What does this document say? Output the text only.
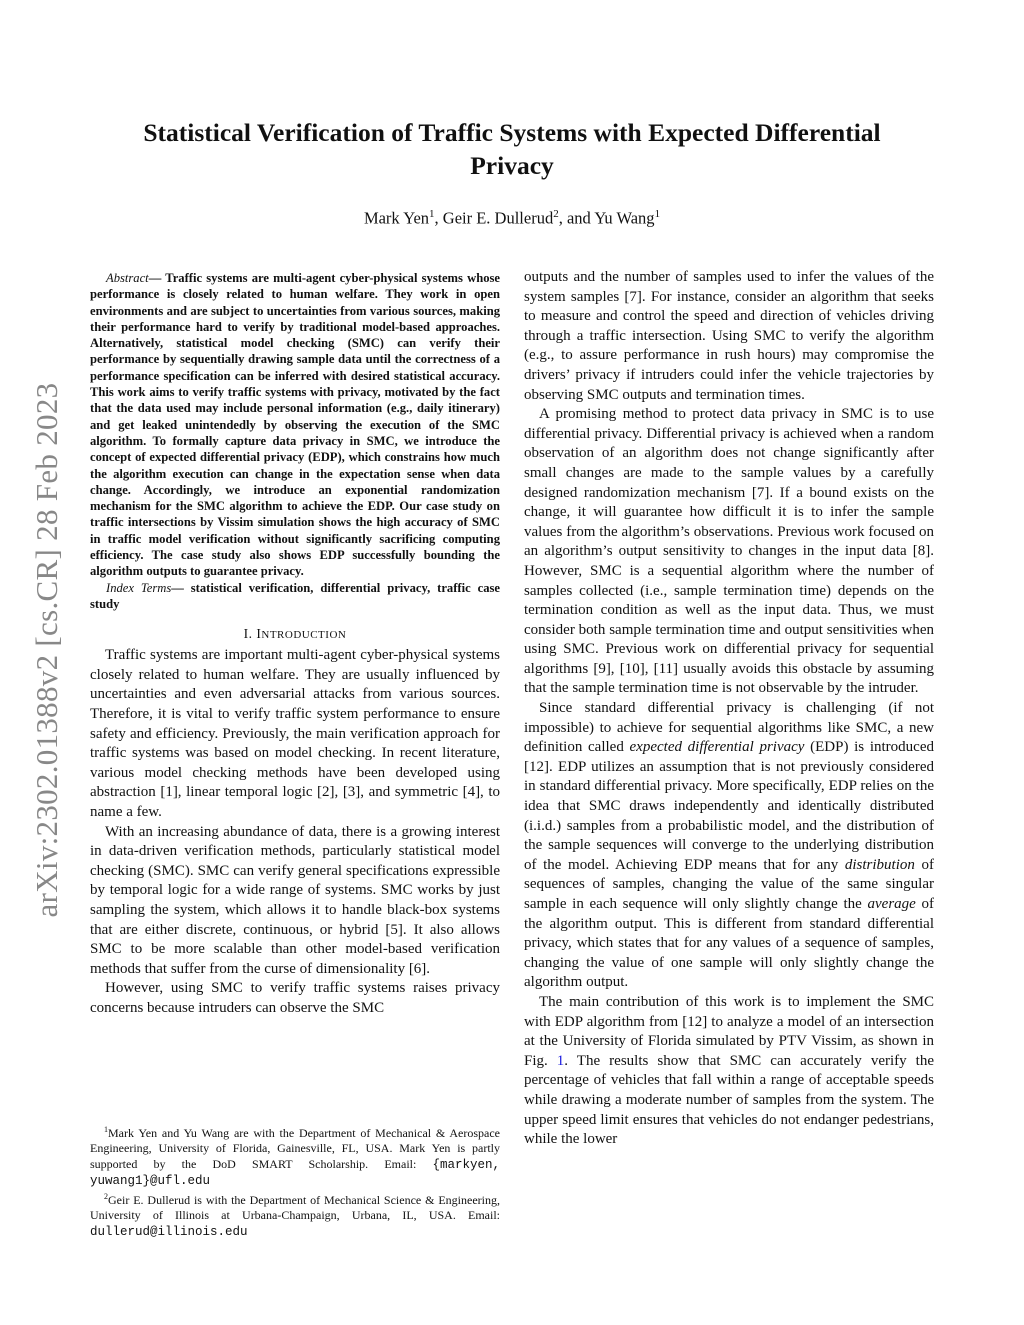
arXiv:2302.01388v2 [cs.CR] 28 Feb 2023
Statistical Verification of Traffic Systems with Expected Differential Privacy
Mark Yen$^1$, Geir E. Dullerud$^2$, and Yu Wang$^1$

Abstract— Traffic systems are multi-agent cyber-physical systems whose performance is closely related to human welfare. They work in open environments and are subject to uncertainties from various sources, making their performance hard to verify by traditional model-based approaches. Alternatively, statistical model checking (SMC) can verify their performance by sequentially drawing sample data until the correctness of a performance specification can be inferred with desired statistical accuracy. This work aims to verify traffic systems with privacy, motivated by the fact that the data used may include personal information (e.g., daily itinerary) and get leaked unintendedly by observing the execution of the SMC algorithm. To formally capture data privacy in SMC, we introduce the concept of expected differential privacy (EDP), which constrains how much the algorithm execution can change in the expectation sense when data change. Accordingly, we introduce an exponential randomization mechanism for the SMC algorithm to achieve the EDP. Our case study on traffic intersections by Vissim simulation shows the high accuracy of SMC in traffic model verification without significantly sacrificing computing efficiency. The case study also shows EDP successfully bounding the algorithm outputs to guarantee privacy.

Index Terms— statistical verification, differential privacy, traffic case study

I. INTRODUCTION

Traffic systems are important multi-agent cyber-physical systems closely related to human welfare. They are usually influenced by uncertainties and even adversarial attacks from various sources. Therefore, it is vital to verify traffic system performance to ensure safety and efficiency. Previously, the main verification approach for traffic systems was based on model checking. In recent literature, various model checking methods have been developed using abstraction [1], linear temporal logic [2], [3], and symmetric [4], to name a few.

With an increasing abundance of data, there is a growing interest in data-driven verification methods, particularly statistical model checking (SMC). SMC can verify general specifications expressible by temporal logic for a wide range of systems. SMC works by just sampling the system, which allows it to handle black-box systems that are either discrete, continuous, or hybrid [5]. It also allows SMC to be more scalable than other model-based verification methods that suffer from the curse of dimensionality [6].

However, using SMC to verify traffic systems raises privacy concerns because intruders can observe the SMC

$^1$Mark Yen and Yu Wang are with the Department of Mechanical & Aerospace Engineering, University of Florida, Gainesville, FL, USA. Mark Yen is partly supported by the DoD SMART Scholarship. Email: {markyen, yuwang1}@ufl.edu

$^2$Geir E. Dullerud is with the Department of Mechanical Science & Engineering, University of Illinois at Urbana-Champaign, Urbana, IL, USA. Email: dullerud@illinois.edu

outputs and the number of samples used to infer the values of the system samples [7]. For instance, consider an algorithm that seeks to measure and control the speed and direction of vehicles driving through a traffic intersection. Using SMC to verify the algorithm (e.g., to assure performance in rush hours) may compromise the drivers’ privacy if intruders could infer the vehicle trajectories by observing SMC outputs and termination times.

A promising method to protect data privacy in SMC is to use differential privacy. Differential privacy is achieved when a random observation of an algorithm does not change significantly after small changes are made to the sample values by a carefully designed randomization mechanism [7]. If a bound exists on the change, it will guarantee how difficult it is to infer the sample values from the algorithm’s observations. Previous work focused on an algorithm’s output sensitivity to changes in the input data [8]. However, SMC is a sequential algorithm where the number of samples collected (i.e., sample termination time) depends on the termination condition as well as the input data. Thus, we must consider both sample termination time and output sensitivities when using SMC. Previous work on differential privacy for sequential algorithms [9], [10], [11] usually avoids this obstacle by assuming that the sample termination time is not observable by the intruder.

Since standard differential privacy is challenging (if not impossible) to achieve for sequential algorithms like SMC, a new definition called expected differential privacy (EDP) is introduced [12]. EDP utilizes an assumption that is not previously considered in standard differential privacy. More specifically, EDP relies on the idea that SMC draws independently and identically distributed (i.i.d.) samples from a probabilistic model, and the distribution of the sample sequences will converge to the underlying distribution of the model. Achieving EDP means that for any distribution of sequences of samples, changing the value of the same singular sample in each sequence will only slightly change the average of the algorithm output. This is different from standard differential privacy, which states that for any values of a sequence of samples, changing the value of one sample will only slightly change the algorithm output.

The main contribution of this work is to implement the SMC with EDP algorithm from [12] to analyze a model of an intersection at the University of Florida simulated by PTV Vissim, as shown in Fig. 1. The results show that SMC can accurately verify the percentage of vehicles that fall within a range of acceptable speeds while drawing a moderate number of samples from the system. The upper speed limit ensures that vehicles do not endanger pedestrians, while the lower
